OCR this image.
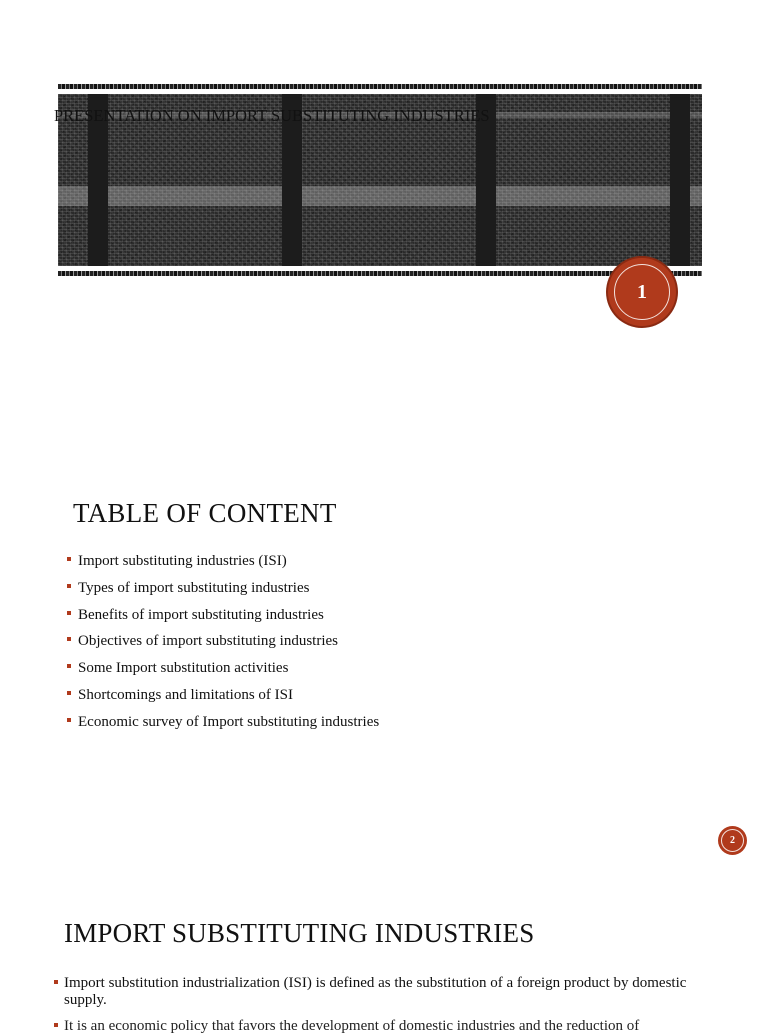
PRESENTATION ON IMPORT SUBSTITUTING INDUSTRIES
1
TABLE OF CONTENT
Import substituting industries (ISI)
Types of import substituting industries
Benefits of import substituting industries
Objectives of import substituting industries
Some Import substitution activities
Shortcomings and limitations of ISI
Economic survey of Import substituting industries
2
IMPORT SUBSTITUTING INDUSTRIES
Import substitution industrialization (ISI) is defined as the substitution of a foreign product by domestic supply.
It is an economic policy that favors the development of domestic industries and the reduction of
